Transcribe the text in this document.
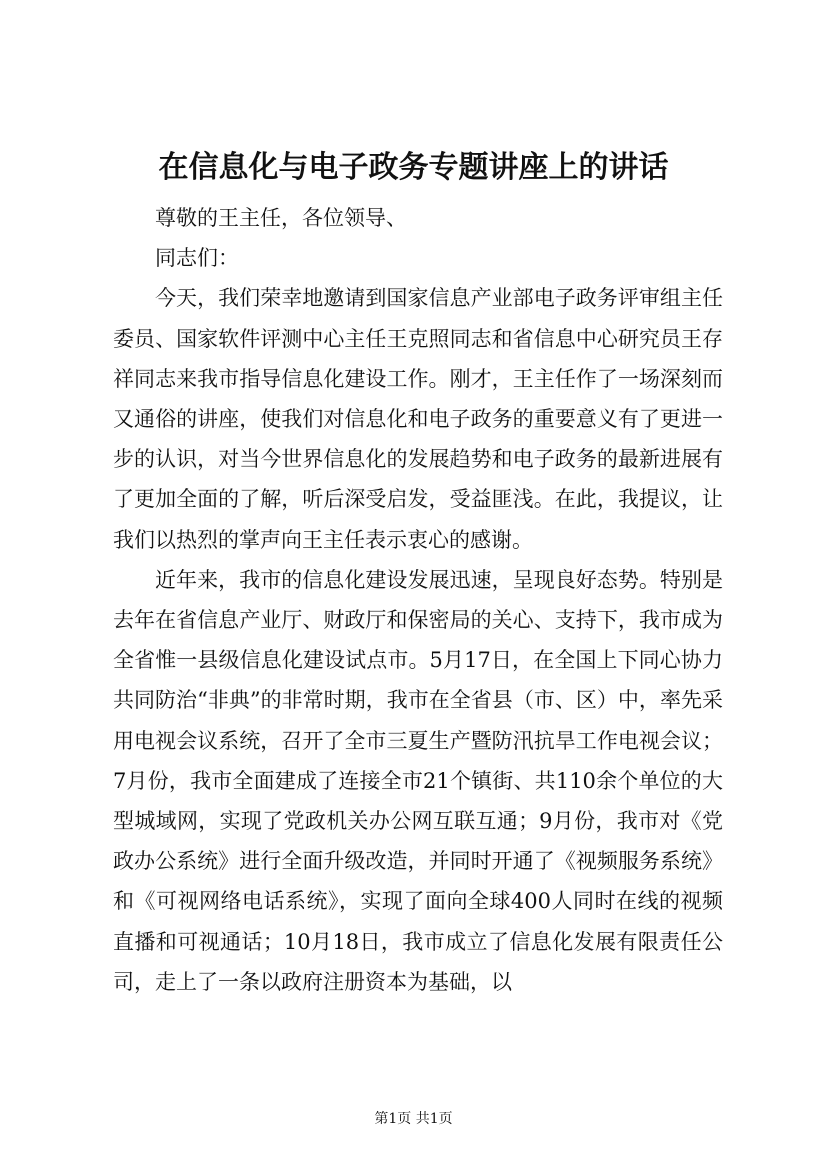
在信息化与电子政务专题讲座上的讲话

尊敬的王主任，各位领导、

同志们：

今天，我们荣幸地邀请到国家信息产业部电子政务评审组主任委员、国家软件评测中心主任王克照同志和省信息中心研究员王存祥同志来我市指导信息化建设工作。刚才，王主任作了一场深刻而又通俗的讲座，使我们对信息化和电子政务的重要意义有了更进一步的认识，对当今世界信息化的发展趋势和电子政务的最新进展有了更加全面的了解，听后深受启发，受益匪浅。在此，我提议，让我们以热烈的掌声向王主任表示衷心的感谢。

近年来，我市的信息化建设发展迅速，呈现良好态势。特别是去年在省信息产业厅、财政厅和保密局的关心、支持下，我市成为全省惟一县级信息化建设试点市。5月17日，在全国上下同心协力共同防治“非典”的非常时期，我市在全省县（市、区）中，率先采用电视会议系统，召开了全市三夏生产暨防汛抗旱工作电视会议；7月份，我市全面建成了连接全市21个镇街、共110余个单位的大型城域网，实现了党政机关办公网互联互通；9月份，我市对《党政办公系统》进行全面升级改造，并同时开通了《视频服务系统》和《可视网络电话系统》，实现了面向全球400人同时在线的视频直播和可视通话；10月18日，我市成立了信息化发展有限责任公司，走上了一条以政府注册资本为基础，以

第1页 共1页
